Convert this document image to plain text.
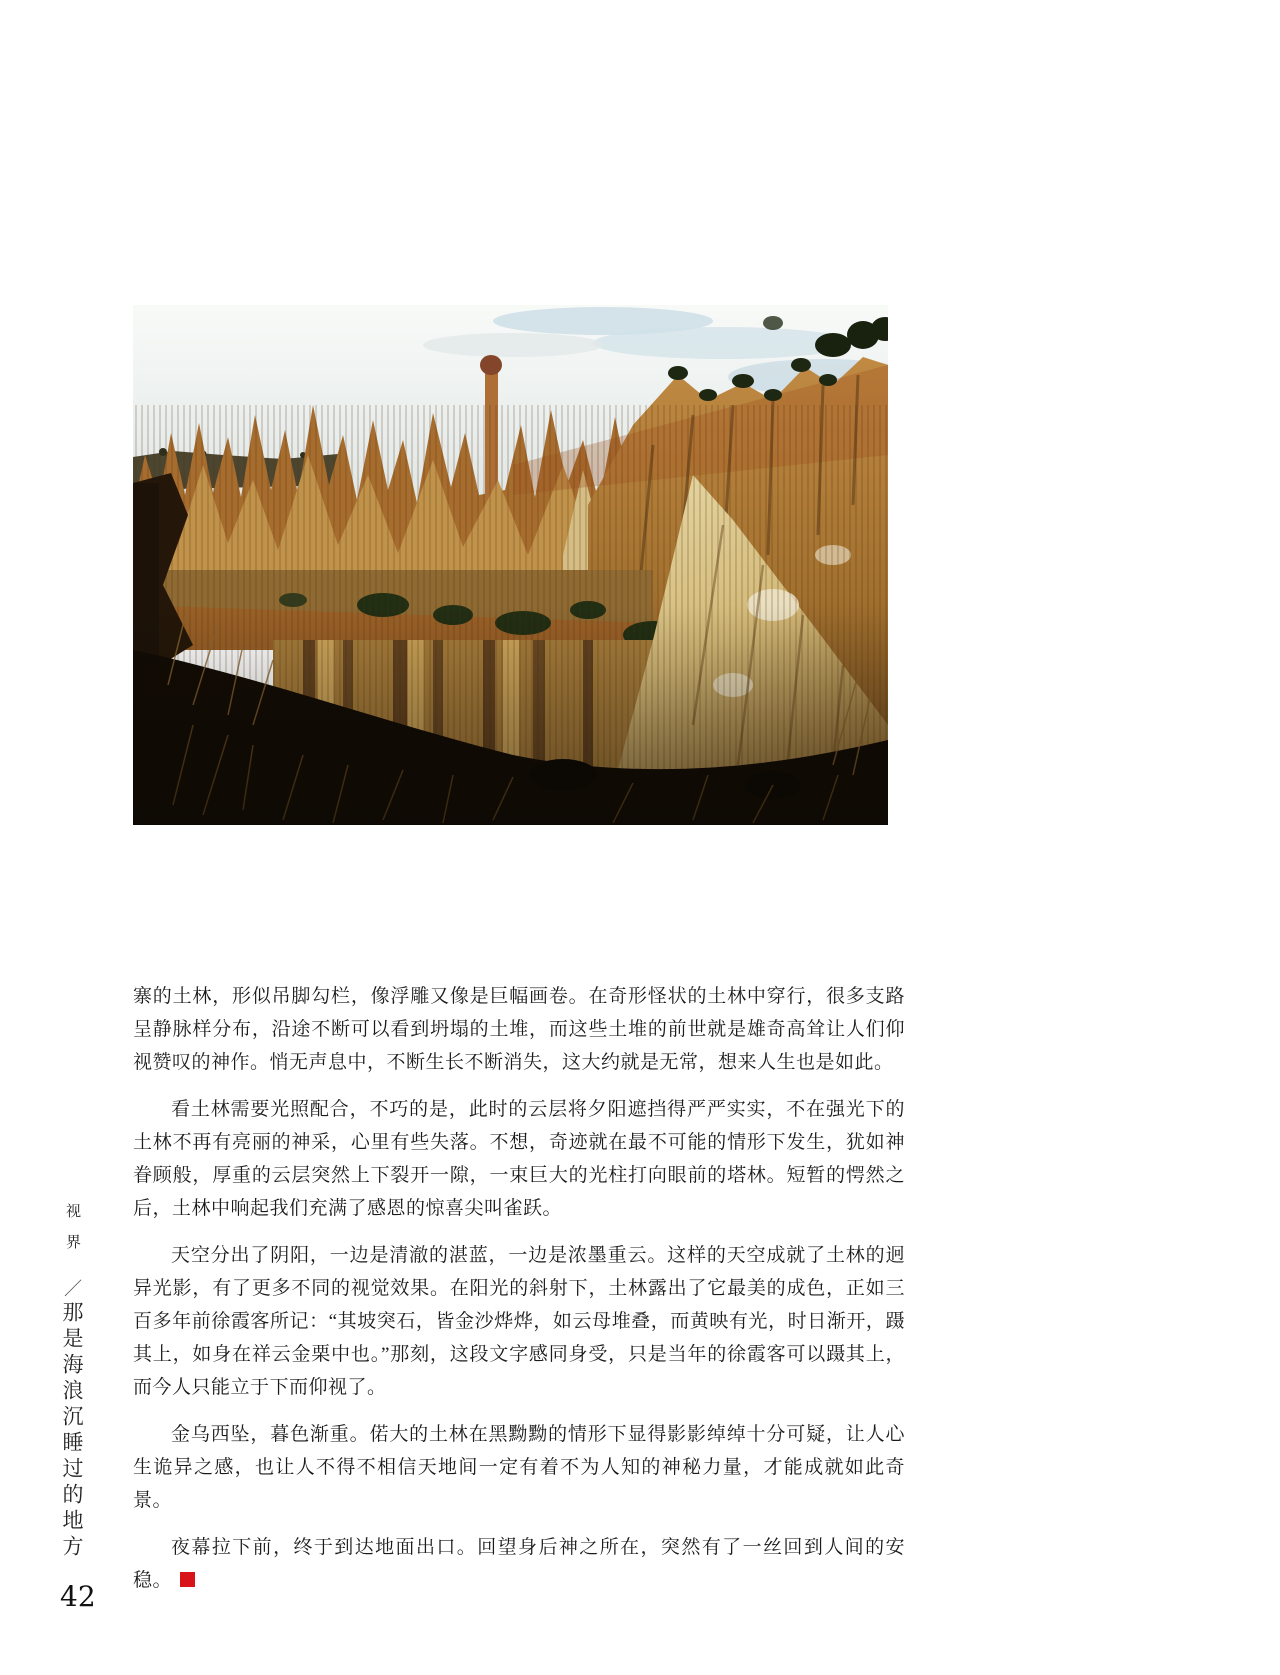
寨的土林，形似吊脚勾栏，像浮雕又像是巨幅画卷。在奇形怪状的土林中穿行，很多支路呈静脉样分布，沿途不断可以看到坍塌的土堆，而这些土堆的前世就是雄奇高耸让人们仰视赞叹的神作。悄无声息中，不断生长不断消失，这大约就是无常，想来人生也是如此。

看土林需要光照配合，不巧的是，此时的云层将夕阳遮挡得严严实实，不在强光下的土林不再有亮丽的神采，心里有些失落。不想，奇迹就在最不可能的情形下发生，犹如神眷顾般，厚重的云层突然上下裂开一隙，一束巨大的光柱打向眼前的塔林。短暂的愕然之后，土林中响起我们充满了感恩的惊喜尖叫雀跃。

天空分出了阴阳，一边是清澈的湛蓝，一边是浓墨重云。这样的天空成就了土林的迥异光影，有了更多不同的视觉效果。在阳光的斜射下，土林露出了它最美的成色，正如三百多年前徐霞客所记：“其坡突石，皆金沙烨烨，如云母堆叠，而黄映有光，时日渐开，蹑其上，如身在祥云金栗中也。”那刻，这段文字感同身受，只是当年的徐霞客可以蹑其上，而今人只能立于下而仰视了。

金乌西坠，暮色渐重。偌大的土林在黑黝黝的情形下显得影影绰绰十分可疑，让人心生诡异之感，也让人不得不相信天地间一定有着不为人知的神秘力量，才能成就如此奇景。

夜幕拉下前，终于到达地面出口。回望身后神之所在，突然有了一丝回到人间的安稳。

视界／那是海浪沉睡过的地方
42
